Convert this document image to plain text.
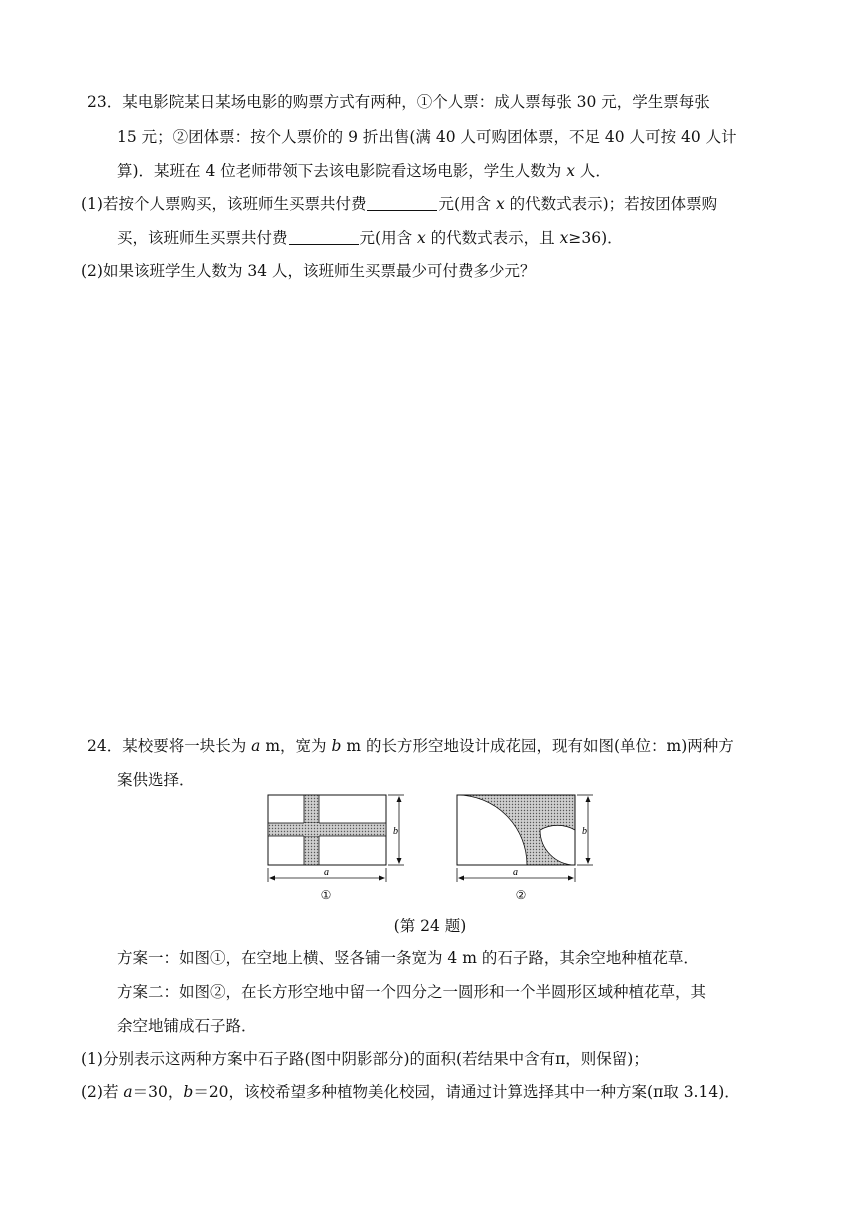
23．某电影院某日某场电影的购票方式有两种，①个人票：成人票每张 30 元，学生票每张
15 元；②团体票：按个人票价的 9 折出售(满 40 人可购团体票，不足 40 人可按 40 人计
算)．某班在 4 位老师带领下去该电影院看这场电影，学生人数为 x 人．
(1)若按个人票购买，该班师生买票共付费	元(用含 x 的代数式表示)；若按团体票购
买，该班师生买票共付费	元(用含 x 的代数式表示，且 x≥36)．
(2)如果该班学生人数为 34 人，该班师生买票最少可付费多少元？
24．某校要将一块长为 a m，宽为 b m 的长方形空地设计成花园，现有如图(单位：m)两种方
案供选择．
b
a
①
b
a
②
(第 24 题)
方案一：如图①，在空地上横、竖各铺一条宽为 4 m 的石子路，其余空地种植花草．
方案二：如图②，在长方形空地中留一个四分之一圆形和一个半圆形区域种植花草，其
余空地铺成石子路．
(1)分别表示这两种方案中石子路(图中阴影部分)的面积(若结果中含有π，则保留)；
(2)若 a＝30，b＝20，该校希望多种植物美化校园，请通过计算选择其中一种方案(π取 3.14)．
